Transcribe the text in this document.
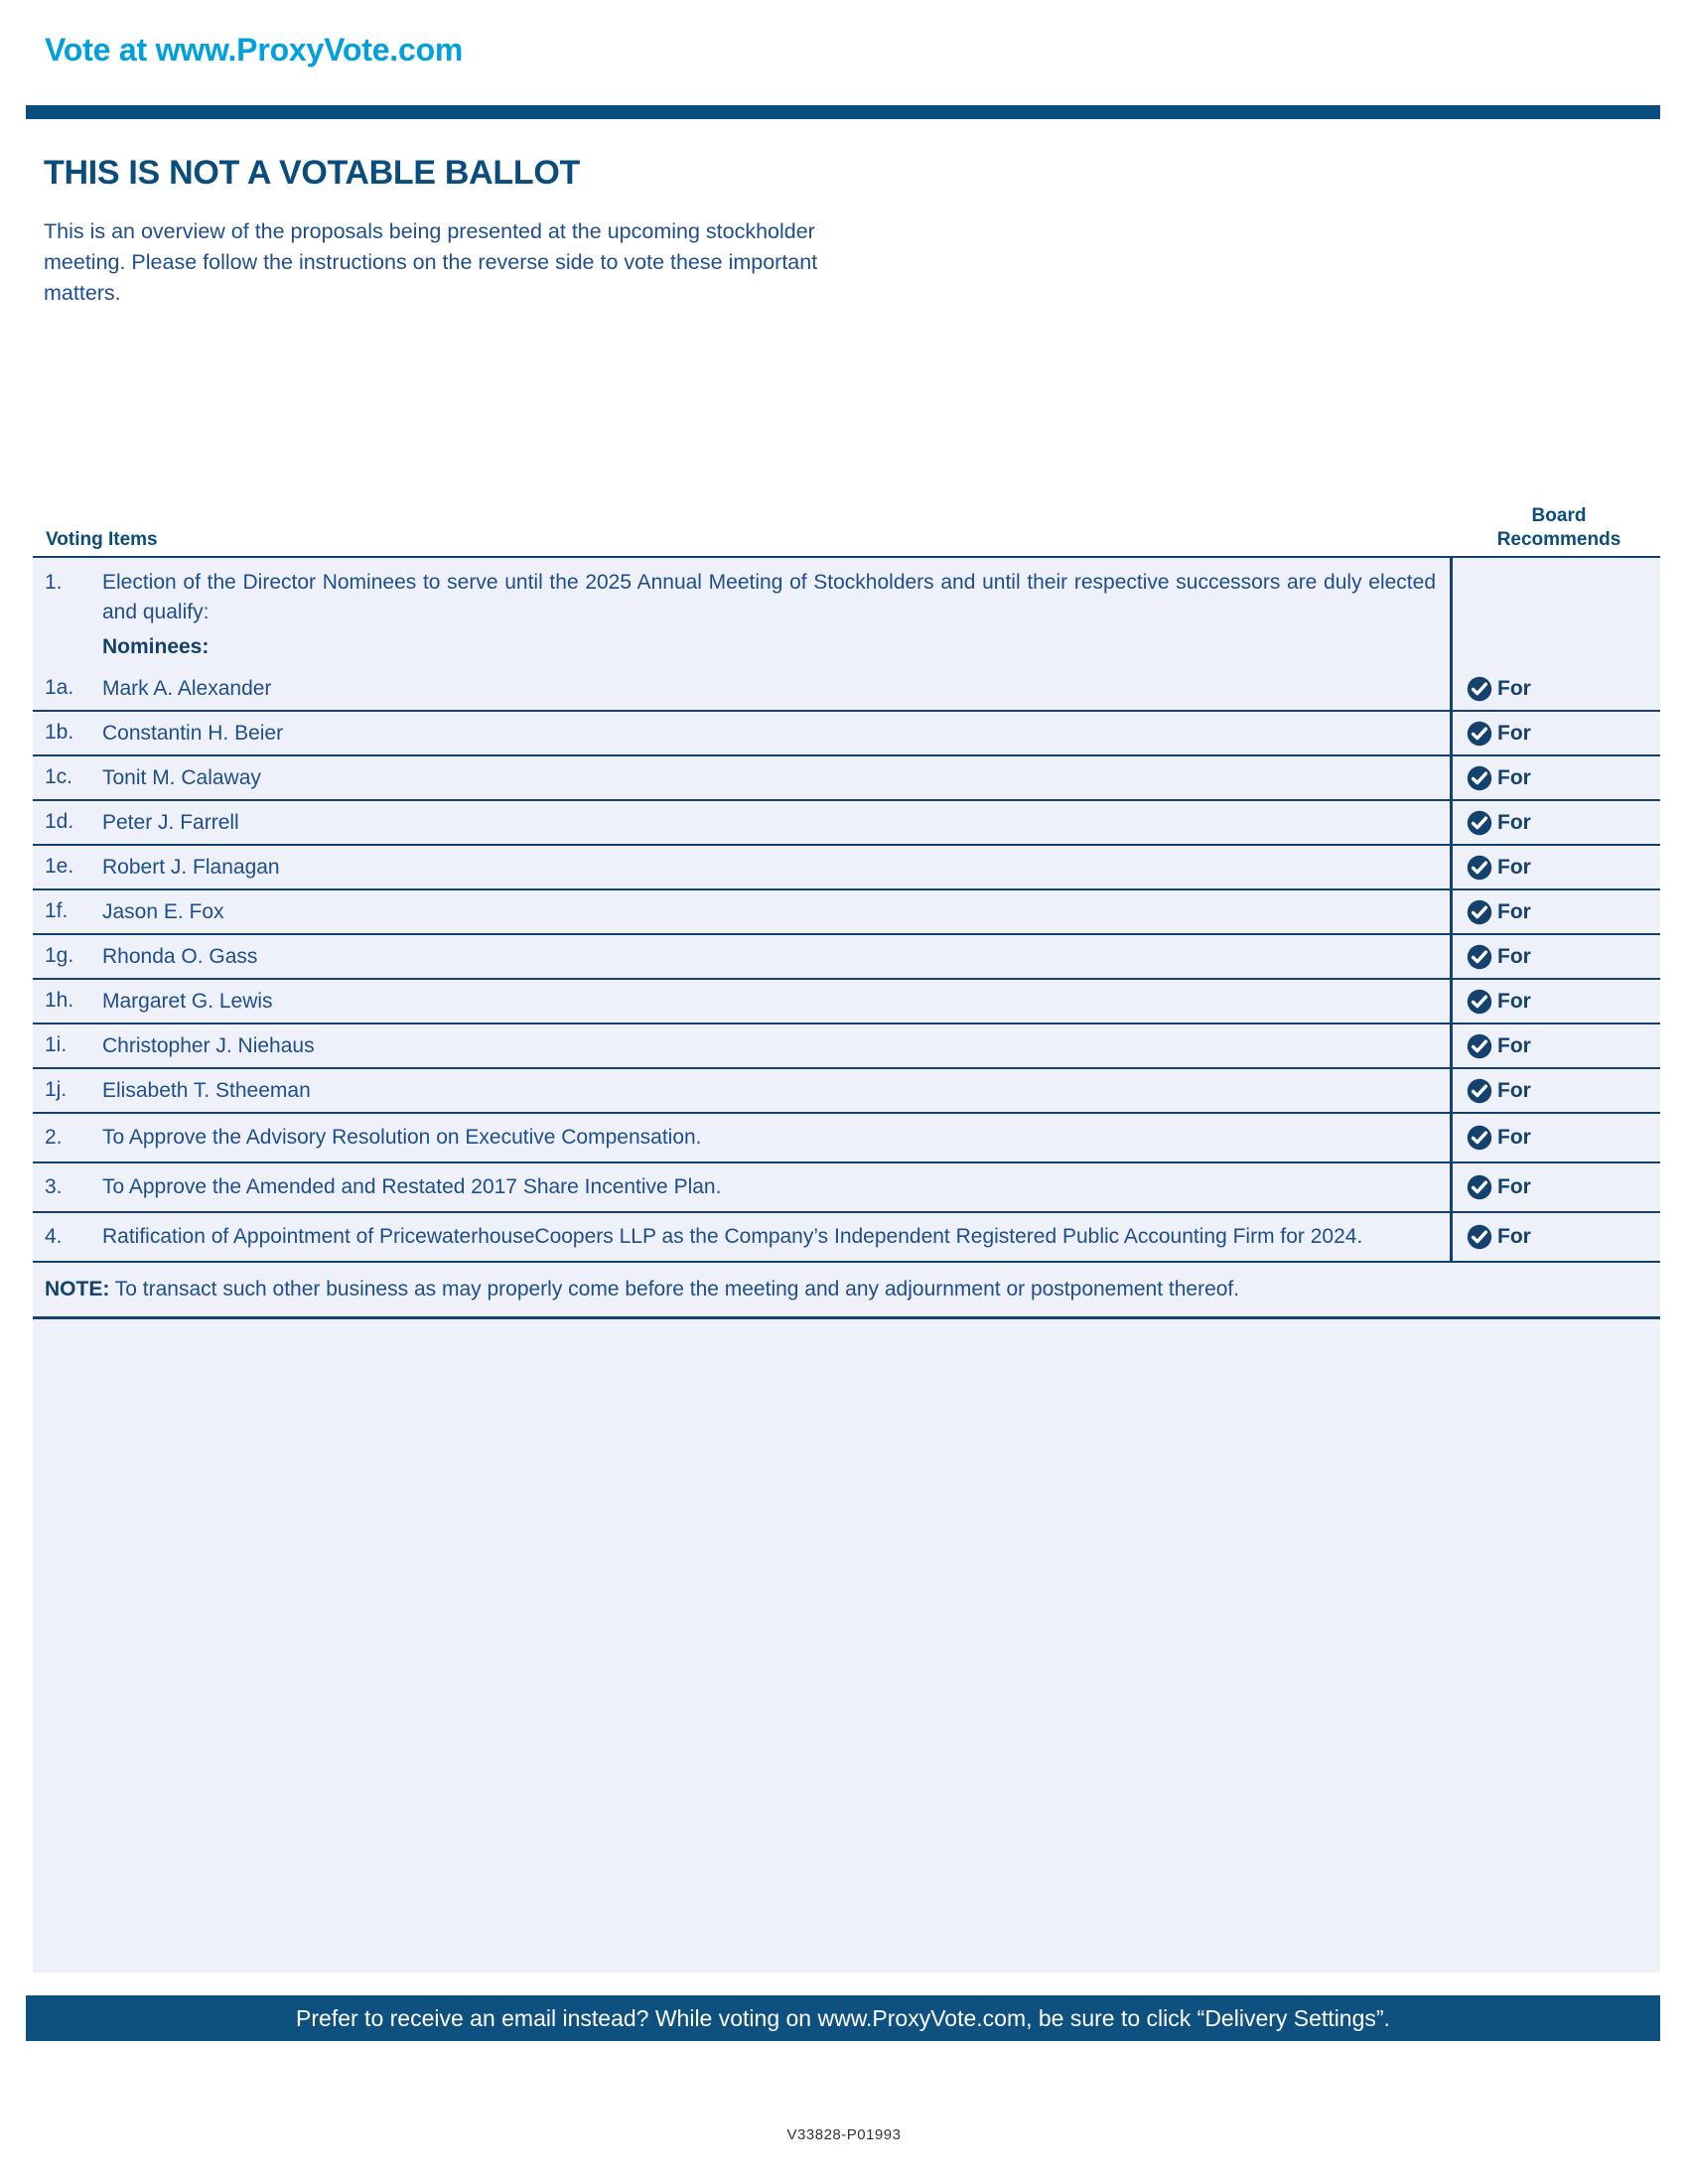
Vote at www.ProxyVote.com
THIS IS NOT A VOTABLE BALLOT

This is an overview of the proposals being presented at the upcoming stockholder meeting. Please follow the instructions on the reverse side to vote these important matters.

Voting Items
Board
Recommends
1.	Election of the Director Nominees to serve until the 2025 Annual Meeting of Stockholders and until their respective successors are duly elected and qualify:
Nominees:
1a.	Mark A. Alexander	For
1b.	Constantin H. Beier	For
1c.	Tonit M. Calaway	For
1d.	Peter J. Farrell	For
1e.	Robert J. Flanagan	For
1f.	Jason E. Fox	For
1g.	Rhonda O. Gass	For
1h.	Margaret G. Lewis	For
1i.	Christopher J. Niehaus	For
1j.	Elisabeth T. Stheeman	For
2.	To Approve the Advisory Resolution on Executive Compensation.	For
3.	To Approve the Amended and Restated 2017 Share Incentive Plan.	For
4.	Ratification of Appointment of PricewaterhouseCoopers LLP as the Company’s Independent Registered Public Accounting Firm for 2024.	For

NOTE: To transact such other business as may properly come before the meeting and any adjournment or postponement thereof.

Prefer to receive an email instead? While voting on www.ProxyVote.com, be sure to click “Delivery Settings”.
V33828-P01993
